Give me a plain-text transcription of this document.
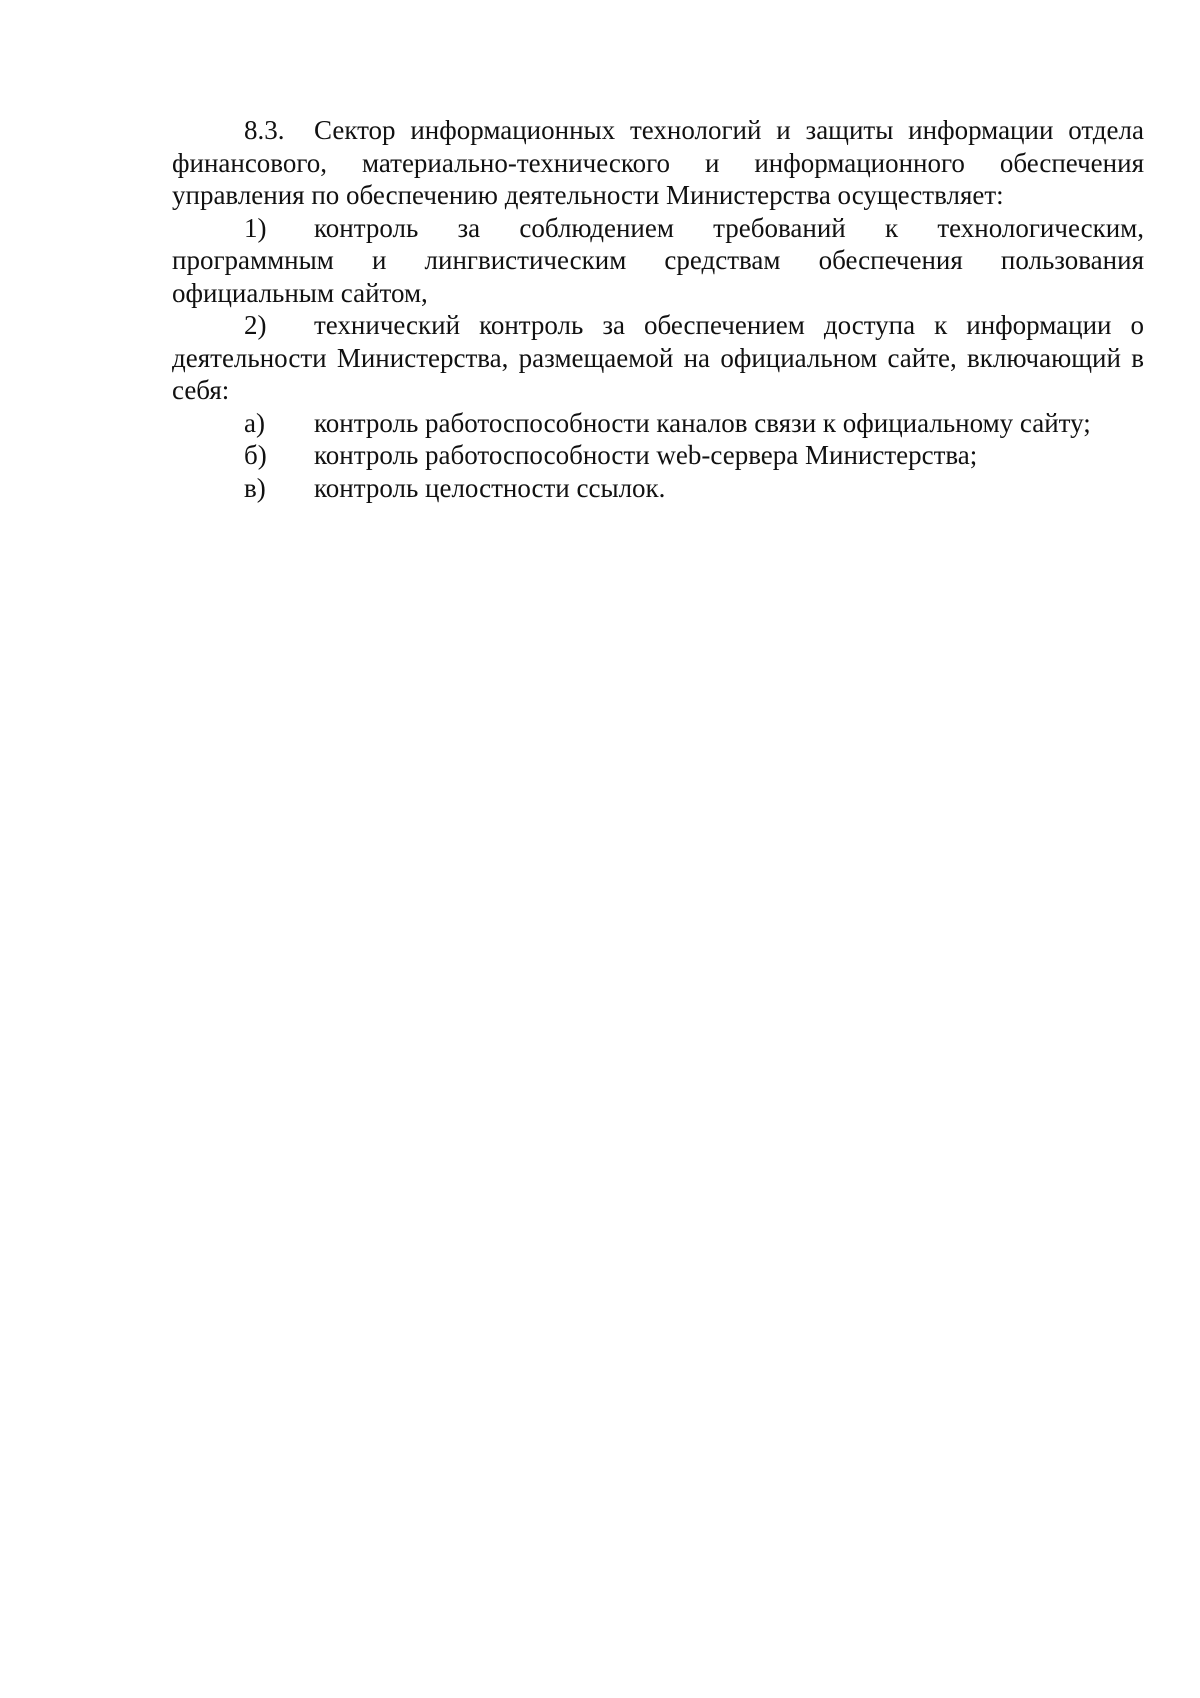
8.3. Сектор информационных технологий и защиты информации отдела финансового, материально-технического и информационного обеспечения управления по обеспечению деятельности Министерства осуществляет:

1) контроль за соблюдением требований к технологическим, программным и лингвистическим средствам обеспечения пользования официальным сайтом,

2) технический контроль за обеспечением доступа к информации о деятельности Министерства, размещаемой на официальном сайте, включающий в себя:

а)	контроль работоспособности каналов связи к официальному сайту;

б)	контроль работоспособности web-сервера Министерства;

в)	контроль целостности ссылок.
